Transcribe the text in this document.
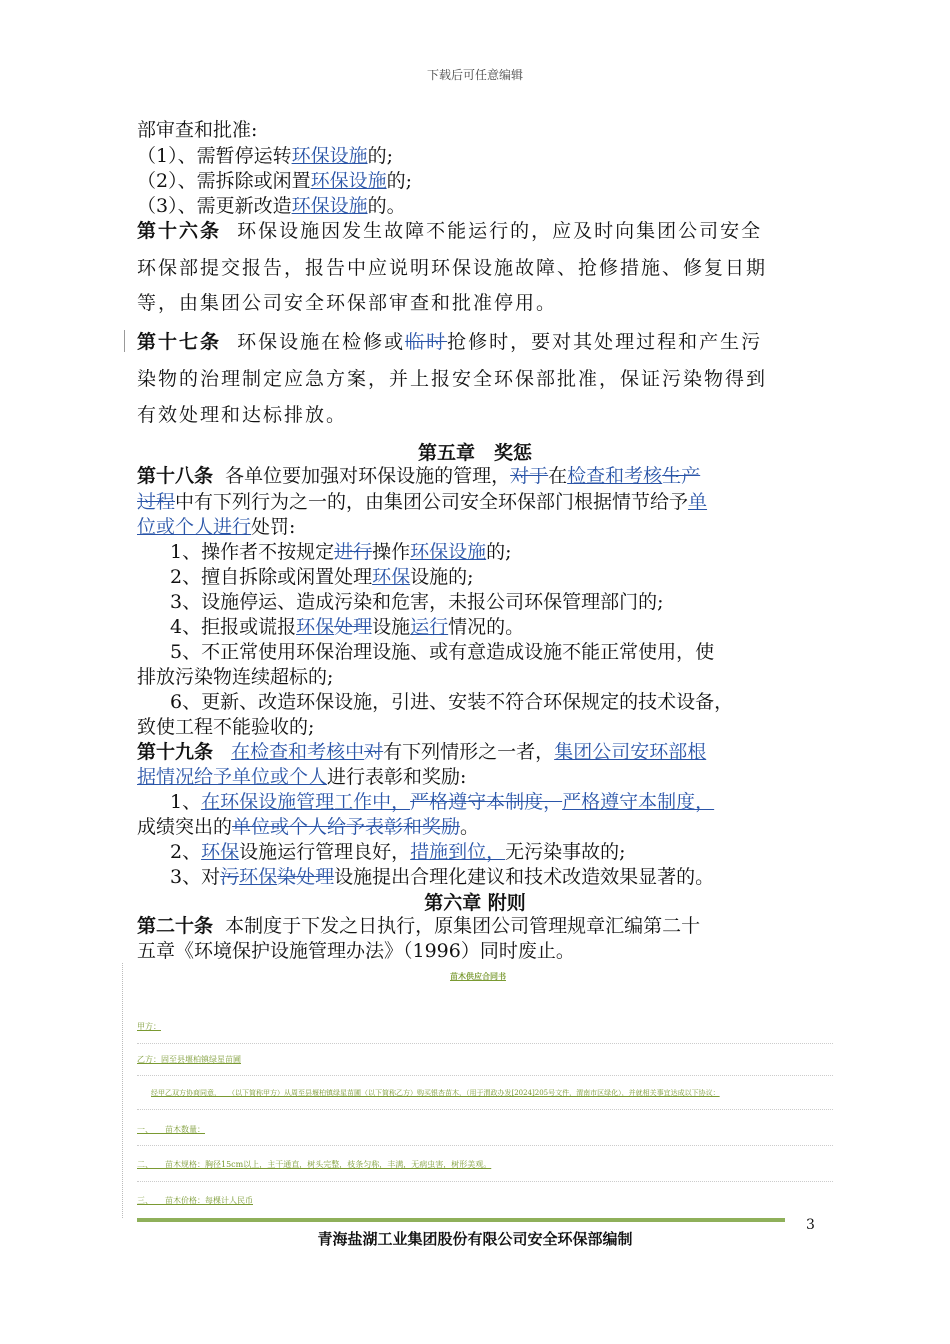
下载后可任意编辑
部审查和批准:
（1）、需暂停运转环保设施的;
（2）、需拆除或闲置环保设施的;
（3）、需更新改造环保设施的。
第十六条 环保设施因发生故障不能运行的，应及时向集团公司安全
环保部提交报告，报告中应说明环保设施故障、抢修措施、修复日期
等，由集团公司安全环保部审查和批准停用。
第十七条 环保设施在检修或临时抢修时，要对其处理过程和产生污
染物的治理制定应急方案，并上报安全环保部批准，保证污染物得到
有效处理和达标排放。
第五章　奖惩
第十八条 各单位要加强对环保设施的管理，对于在检查和考核生产
过程中有下列行为之一的，由集团公司安全环保部门根据情节给予单
位或个人进行处罚:
1、操作者不按规定进行操作环保设施的;
2、擅自拆除或闲置处理环保设施的;
3、设施停运、造成污染和危害，未报公司环保管理部门的;
4、拒报或谎报环保处理设施运行情况的。
5、不正常使用环保治理设施、或有意造成设施不能正常使用，使
排放污染物连续超标的;
6、更新、改造环保设施，引进、安装不符合环保规定的技术设备，
致使工程不能验收的;
第十九条 在检查和考核中对有下列情形之一者，集团公司安环部根
据情况给予单位或个人进行表彰和奖励:
1、在环保设施管理工作中，严格遵守本制度，严格遵守本制度，
成绩突出的单位或个人给予表彰和奖励。
2、环保设施运行管理良好，措施到位，无污染事故的;
3、对污环保染处理设施提出合理化建议和技术改造效果显著的。
第六章 附则
第二十条 本制度于下发之日执行，原集团公司管理规章汇编第二十
五章《环境保护设施管理办法》（1996）同时废止。
苗木供应合同书
甲方：
乙方：固至县堰柏镇绿星苗圃
经甲乙双方协商同意，　　（以下简称甲方）从周至县堰柏镇绿星苗圃（以下简称乙方）购买银杏苗木，（用于渭政办发[2024]205号文件，渭南市区绿化），并就相关事宜达成以下协议：
一、　　苗木数量：
二、　　苗木规格：胸径15cm以上，主干通直，树头完整，枝条匀称，丰满，无病虫害，树形美观。
三、　　苗木价格：每棵计人民币
3
青海盐湖工业集团股份有限公司安全环保部编制
